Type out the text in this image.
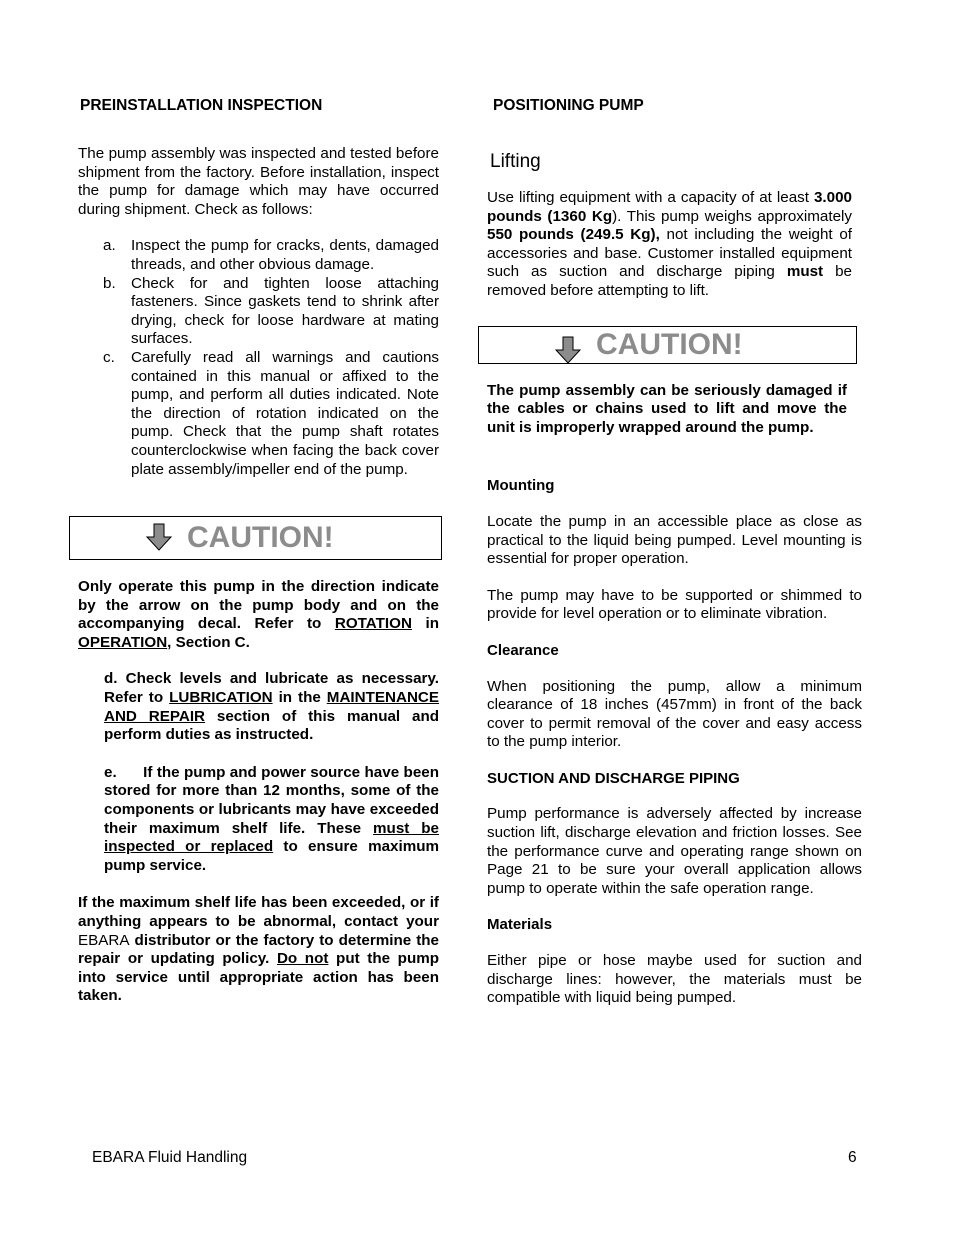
PREINSTALLATION INSPECTION

The pump assembly was inspected and tested before shipment from the factory. Before installation, inspect the pump for damage which may have occurred during shipment. Check as follows:

a. Inspect the pump for cracks, dents, damaged threads, and other obvious damage.
b. Check for and tighten loose attaching fasteners. Since gaskets tend to shrink after drying, check for loose hardware at mating surfaces.
c. Carefully read all warnings and cautions contained in this manual or affixed to the pump, and perform all duties indicated. Note the direction of rotation indicated on the pump. Check that the pump shaft rotates counterclockwise when facing the back cover plate assembly/impeller end of the pump.
CAUTION!

Only operate this pump in the direction indicate by the arrow on the pump body and on the accompanying decal. Refer to ROTATION in OPERATION, Section C.

d. Check levels and lubricate as necessary. Refer to LUBRICATION in the MAINTENANCE AND REPAIR section of this manual and perform duties as instructed.

e. If the pump and power source have been stored for more than 12 months, some of the components or lubricants may have exceeded their maximum shelf life. These must be inspected or replaced to ensure maximum pump service.

If the maximum shelf life has been exceeded, or if anything appears to be abnormal, contact your EBARA distributor or the factory to determine the repair or updating policy. Do not put the pump into service until appropriate action has been taken.

POSITIONING PUMP
Lifting

Use lifting equipment with a capacity of at least 3.000 pounds (1360 Kg). This pump weighs approximately 550 pounds (249.5 Kg), not including the weight of accessories and base. Customer installed equipment such as suction and discharge piping must be removed before attempting to lift.

CAUTION!

The pump assembly can be seriously damaged if the cables or chains used to lift and move the unit is improperly wrapped around the pump.

Mounting

Locate the pump in an accessible place as close as practical to the liquid being pumped. Level mounting is essential for proper operation.

The pump may have to be supported or shimmed to provide for level operation or to eliminate vibration.

Clearance

When positioning the pump, allow a minimum clearance of 18 inches (457mm) in front of the back cover to permit removal of the cover and easy access to the pump interior.

SUCTION AND DISCHARGE PIPING

Pump performance is adversely affected by increase suction lift, discharge elevation and friction losses. See the performance curve and operating range shown on Page 21 to be sure your overall application allows pump to operate within the safe operation range.

Materials

Either pipe or hose maybe used for suction and discharge lines: however, the materials must be compatible with liquid being pumped.

EBARA Fluid Handling	6
